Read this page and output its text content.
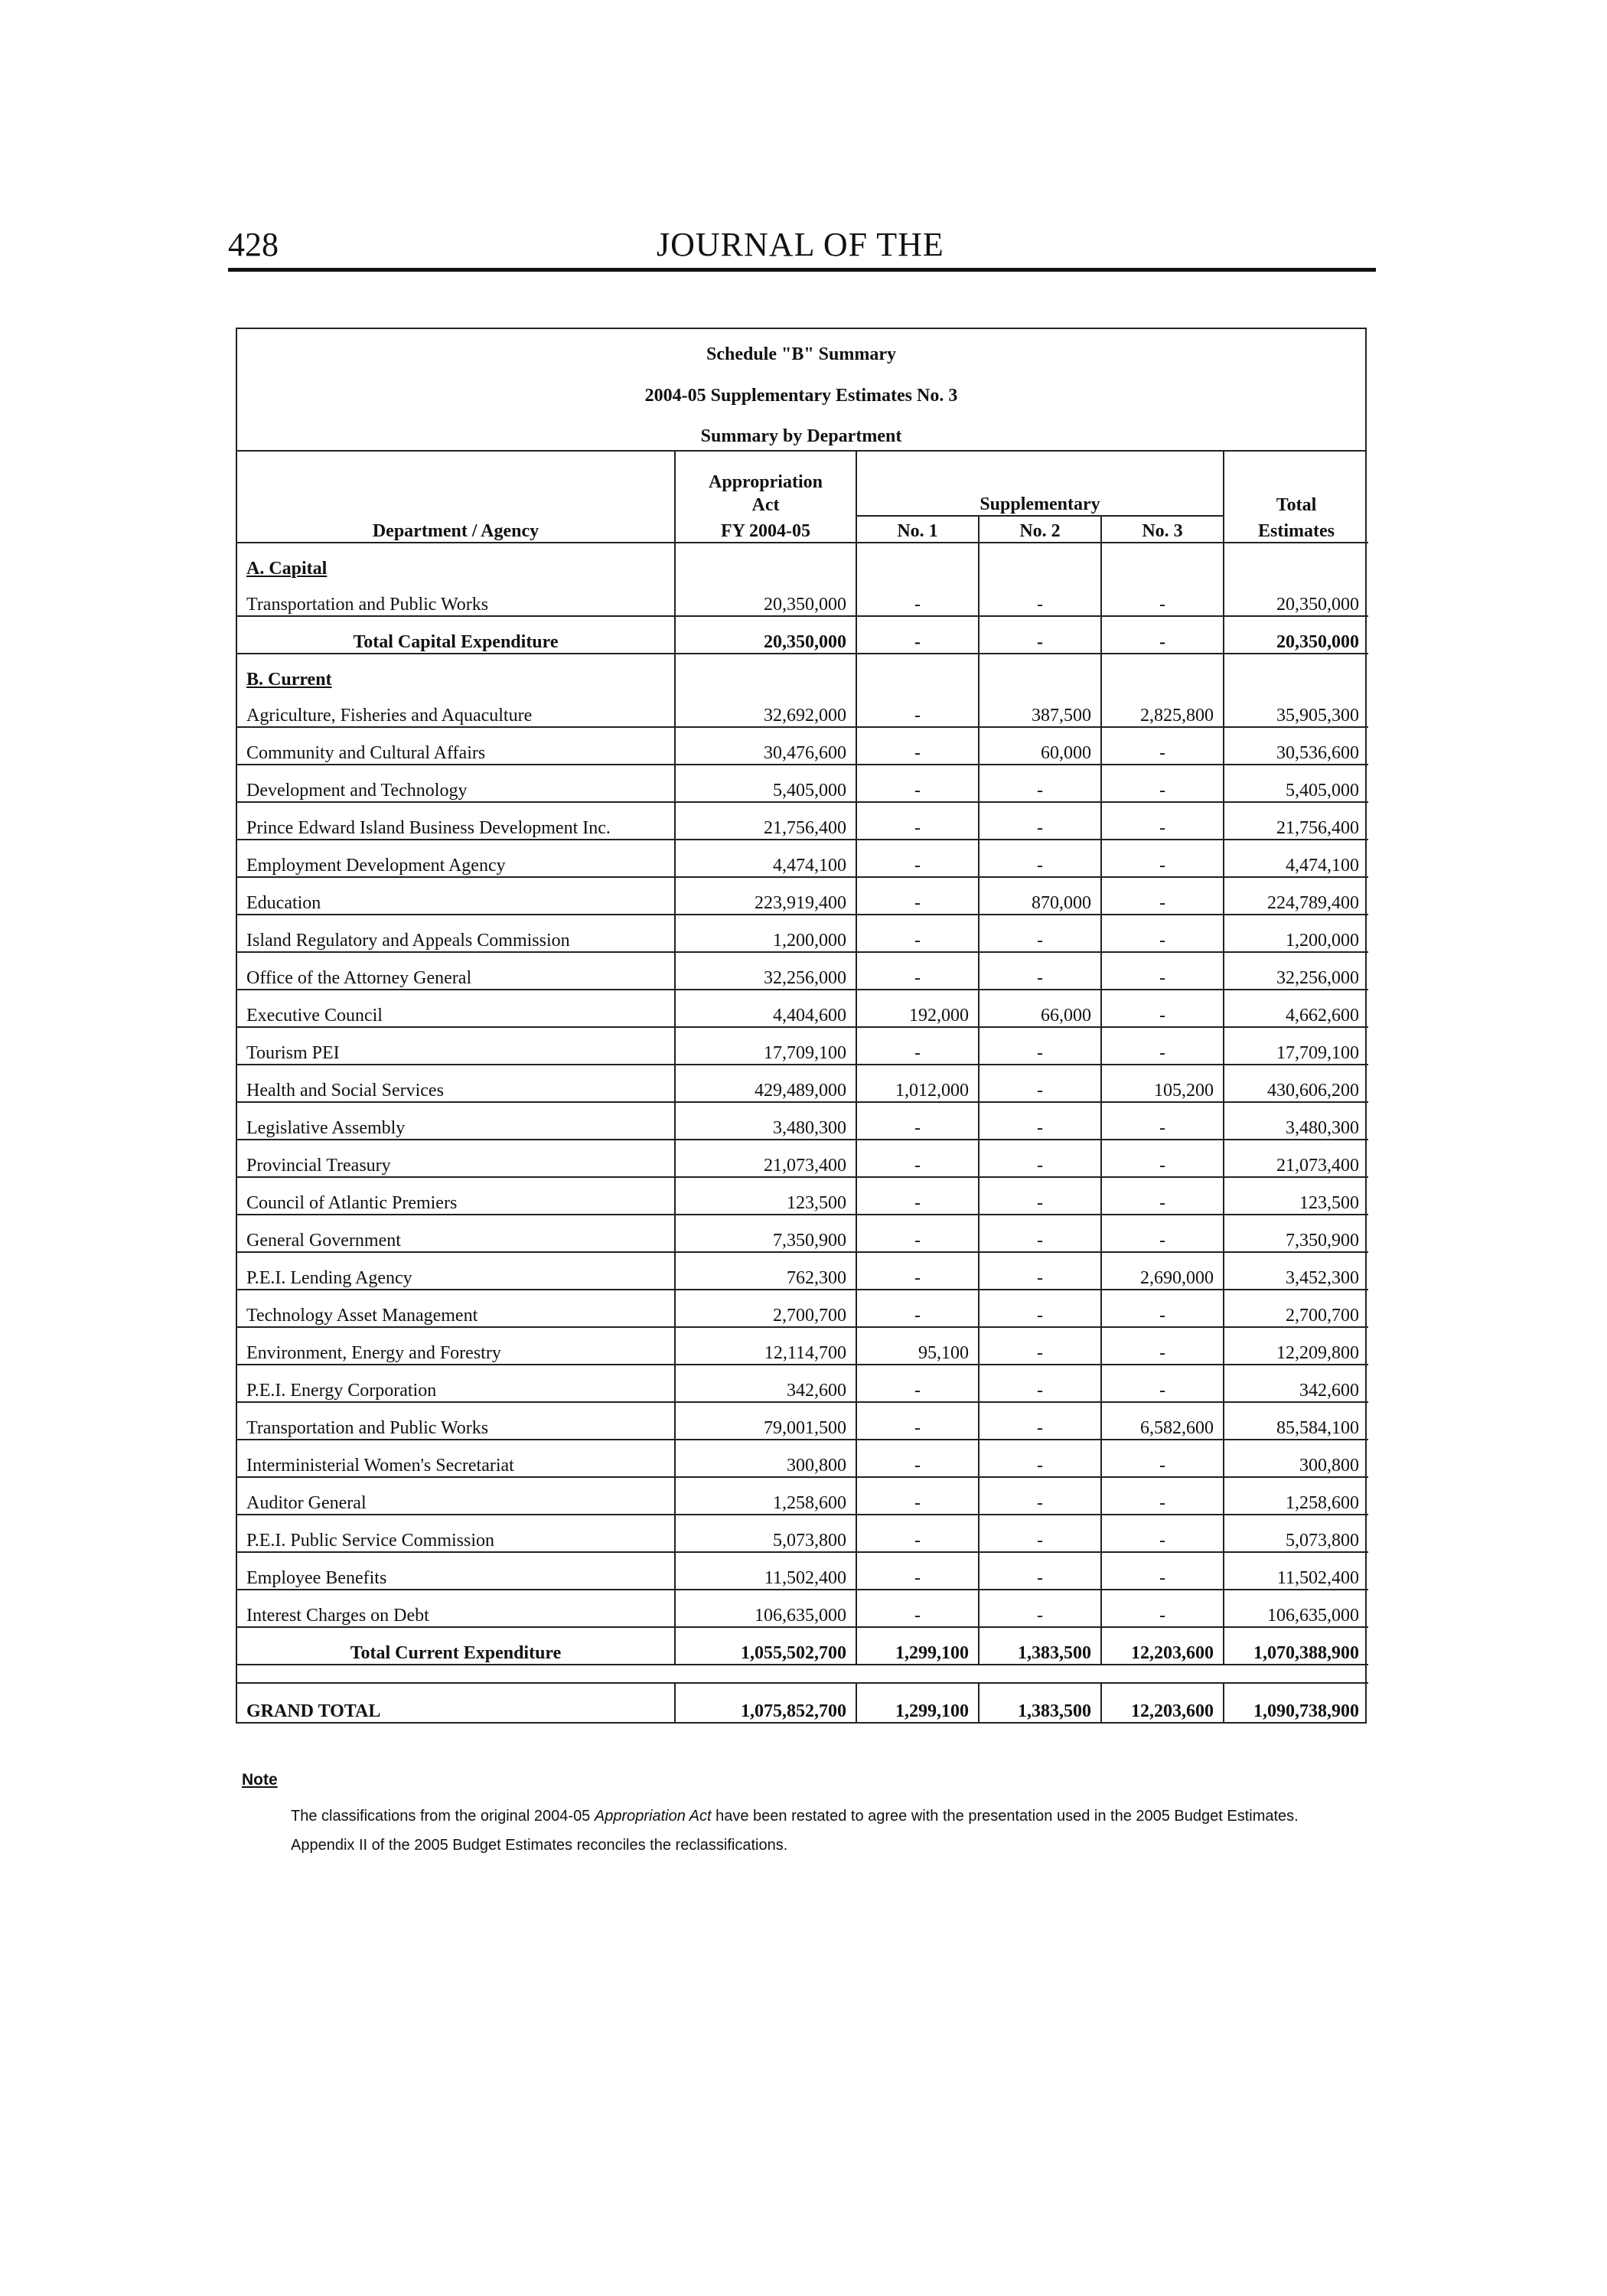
428	JOURNAL OF THE
Schedule "B" Summary
2004-05 Supplementary Estimates No. 3
Summary by Department
	Appropriation				
	Act	Supplementary			Total
Department / Agency	FY 2004-05	No. 1	No. 2	No. 3	Estimates
A. Capital					
Transportation and Public Works	20,350,000	-	-	-	20,350,000
Total Capital Expenditure	20,350,000	-	-	-	20,350,000
B. Current					
Agriculture, Fisheries and Aquaculture	32,692,000	-	387,500	2,825,800	35,905,300
Community and Cultural Affairs	30,476,600	-	60,000	-	30,536,600
Development and Technology	5,405,000	-	-	-	5,405,000
Prince Edward Island Business Development Inc.	21,756,400	-	-	-	21,756,400
Employment Development Agency	4,474,100	-	-	-	4,474,100
Education	223,919,400	-	870,000	-	224,789,400
Island Regulatory and Appeals Commission	1,200,000	-	-	-	1,200,000
Office of the Attorney General	32,256,000	-	-	-	32,256,000
Executive Council	4,404,600	192,000	66,000	-	4,662,600
Tourism PEI	17,709,100	-	-	-	17,709,100
Health and Social Services	429,489,000	1,012,000	-	105,200	430,606,200
Legislative Assembly	3,480,300	-	-	-	3,480,300
Provincial Treasury	21,073,400	-	-	-	21,073,400
Council of Atlantic Premiers	123,500	-	-	-	123,500
General Government	7,350,900	-	-	-	7,350,900
P.E.I. Lending Agency	762,300	-	-	2,690,000	3,452,300
Technology Asset Management	2,700,700	-	-	-	2,700,700
Environment, Energy and Forestry	12,114,700	95,100	-	-	12,209,800
P.E.I. Energy Corporation	342,600	-	-	-	342,600
Transportation and Public Works	79,001,500	-	-	6,582,600	85,584,100
Interministerial Women's Secretariat	300,800	-	-	-	300,800
Auditor General	1,258,600	-	-	-	1,258,600
P.E.I. Public Service Commission	5,073,800	-	-	-	5,073,800
Employee Benefits	11,502,400	-	-	-	11,502,400
Interest Charges on Debt	106,635,000	-	-	-	106,635,000
Total Current Expenditure	1,055,502,700	1,299,100	1,383,500	12,203,600	1,070,388,900

GRAND TOTAL	1,075,852,700	1,299,100	1,383,500	12,203,600	1,090,738,900
Note
The classifications from the original 2004-05 Appropriation Act have been restated to agree with the presentation used in the 2005 Budget Estimates. Appendix II of the 2005 Budget Estimates reconciles the reclassifications.
